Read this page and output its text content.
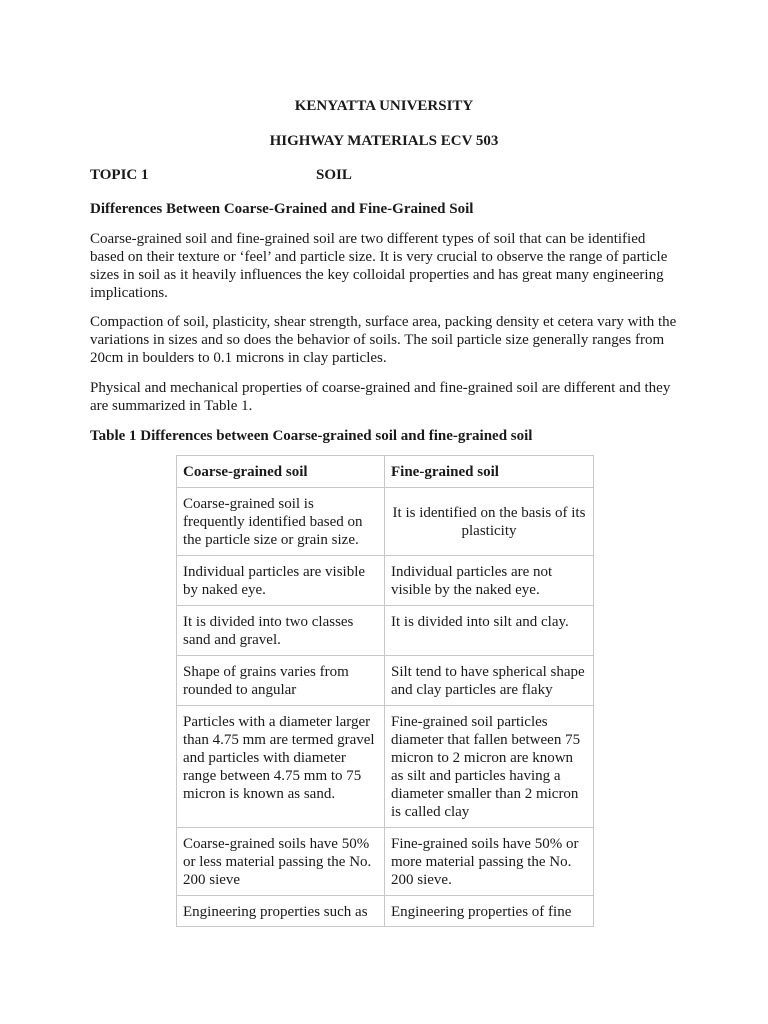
KENYATTA UNIVERSITY
HIGHWAY MATERIALS ECV 503
TOPIC 1	SOIL
Differences Between Coarse-Grained and Fine-Grained Soil

Coarse-grained soil and fine-grained soil are two different types of soil that can be identified based on their texture or ‘feel’ and particle size. It is very crucial to observe the range of particle sizes in soil as it heavily influences the key colloidal properties and has great many engineering implications.

Compaction of soil, plasticity, shear strength, surface area, packing density et cetera vary with the variations in sizes and so does the behavior of soils. The soil particle size generally ranges from 20cm in boulders to 0.1 microns in clay particles.

Physical and mechanical properties of coarse-grained and fine-grained soil are different and they are summarized in Table 1.

Table 1 Differences between Coarse-grained soil and fine-grained soil
Coarse-grained soil	Fine-grained soil
Coarse-grained soil is frequently identified based on the particle size or grain size.	It is identified on the basis of its plasticity
Individual particles are visible by naked eye.	Individual particles are not visible by the naked eye.
It is divided into two classes sand and gravel.	It is divided into silt and clay.
Shape of grains varies from rounded to angular	Silt tend to have spherical shape and clay particles are flaky
Particles with a diameter larger than 4.75 mm are termed gravel and particles with diameter range between 4.75 mm to 75 micron is known as sand.	Fine-grained soil particles diameter that fallen between 75 micron to 2 micron are known as silt and particles having a diameter smaller than 2 micron is called clay
Coarse-grained soils have 50% or less material passing the No. 200 sieve	Fine-grained soils have 50% or more material passing the No. 200 sieve.
Engineering properties such as	Engineering properties of fine
